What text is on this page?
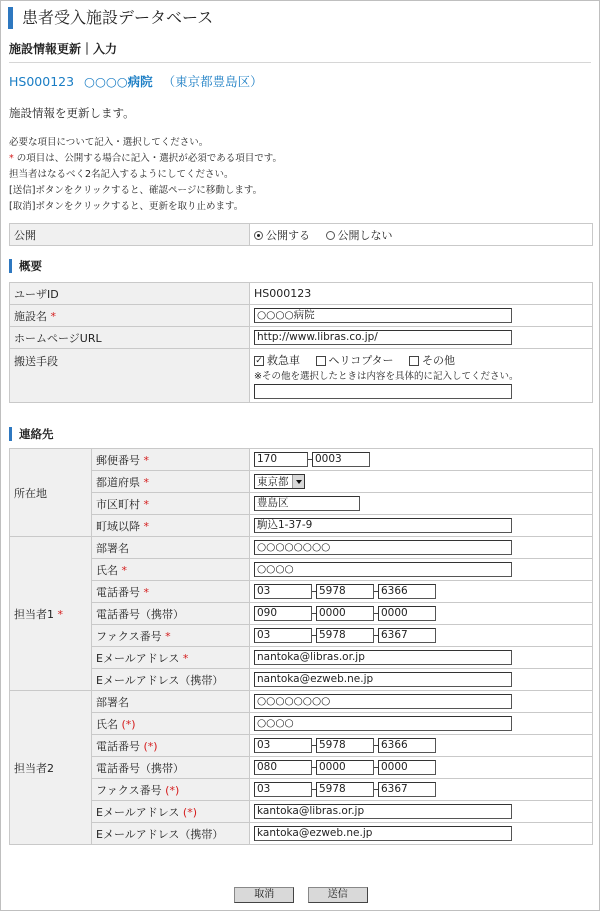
患者受入施設データベース
施設情報更新｜入力
HS000123 ○○○○病院 （東京都豊島区）
施設情報を更新します。
必要な項目について記入・選択してください。
* の項目は、公開する場合に記入・選択が必須である項目です。
担当者はなるべく2名記入するようにしてください。
[送信]ボタンをクリックすると、確認ページに移動します。
[取消]ボタンをクリックすると、更新を取り止めます。
公開	公開する	公開しない
概要
ユーザID	HS000123
施設名 *	○○○○病院
ホームページURL	http://www.libras.co.jp/
搬送手段	✓ 救急車 ヘリコプター その他
※その他を選択したときは内容を具体的に記入してください。
連絡先
所在地	郵便番号 *	170 0003
	都道府県 *	東京都

	市区町村 *	豊島区
	町域以降 *	駒込1-37-9
担当者1 *	部署名	○○○○○○○○
	氏名 *	○○○○
	電話番号 *	03 5978 6366
	電話番号（携帯）	090 0000 0000
	ファクス番号 *	03 5978 6367
	Eメールアドレス *	nantoka@libras.or.jp
	Eメールアドレス（携帯）	nantoka@ezweb.ne.jp
担当者2	部署名	○○○○○○○○
	氏名 (*)	○○○○
	電話番号 (*)	03 5978 6366
	電話番号（携帯）	080 0000 0000
	ファクス番号 (*)	03 5978 6367
	Eメールアドレス (*)	kantoka@libras.or.jp
	Eメールアドレス（携帯）	kantoka@ezweb.ne.jp
取消	送信
